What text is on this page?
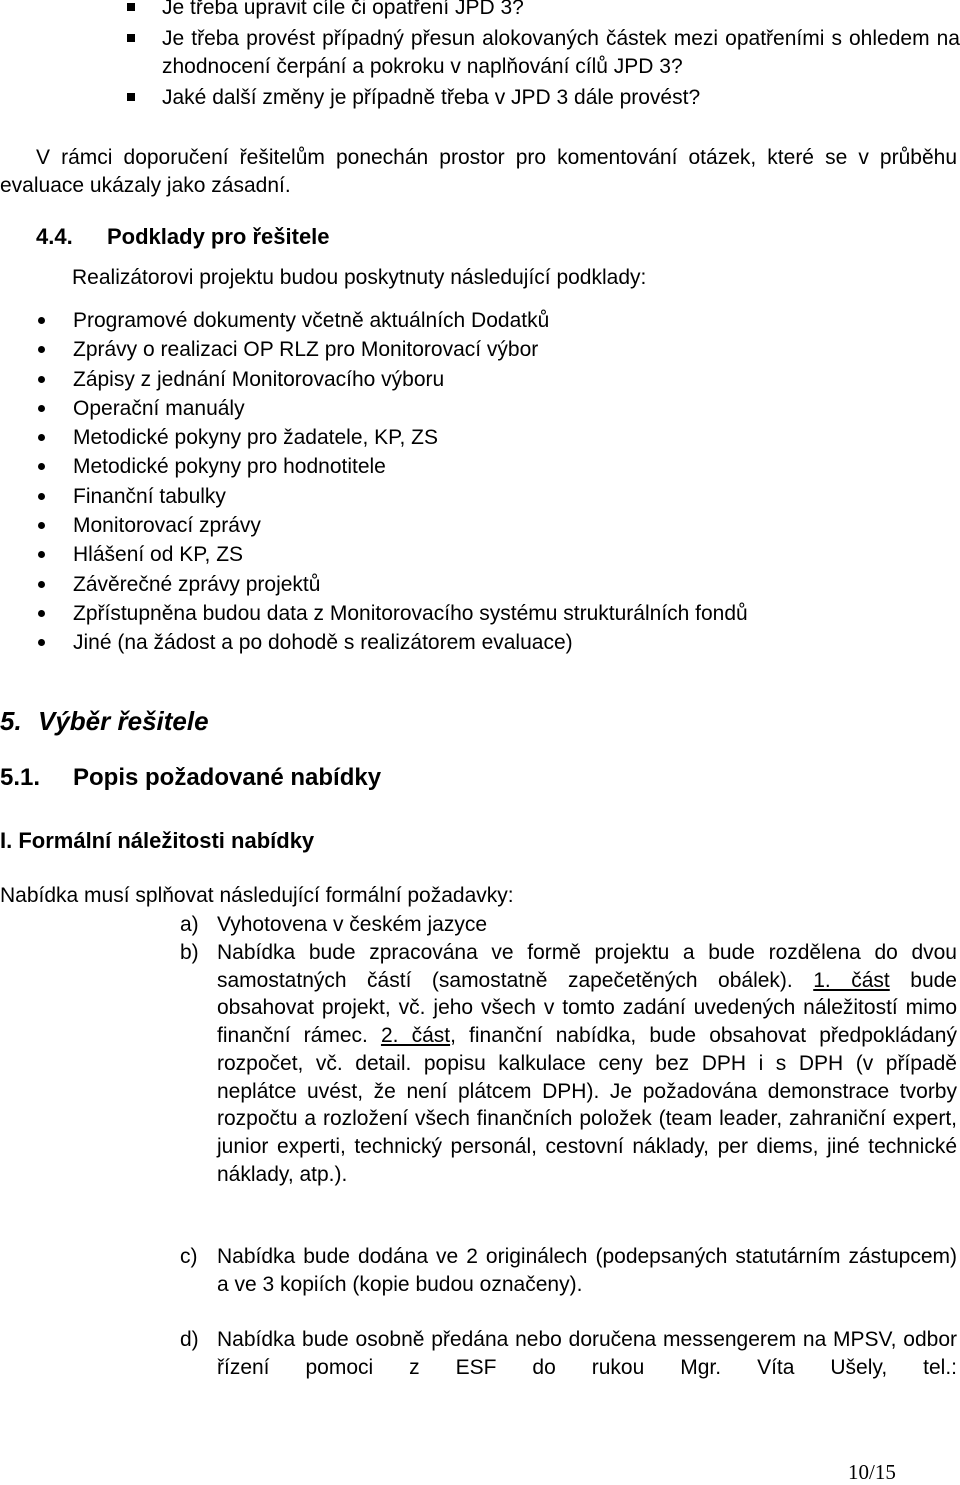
Je třeba upravit cíle či opatření JPD 3?
Je třeba provést případný přesun alokovaných částek mezi opatřeními s ohledem na zhodnocení čerpání a pokroku v naplňování cílů JPD 3?
Jaké další změny je případně třeba v JPD 3 dále provést?

V rámci doporučení řešitelům ponechán prostor pro komentování otázek, které se v průběhu evaluace ukázaly jako zásadní.

4.4. Podklady pro řešitele

Realizátorovi projektu budou poskytnuty následující podklady:

Programové dokumenty včetně aktuálních Dodatků
Zprávy o realizaci OP RLZ pro Monitorovací výbor
Zápisy z jednání Monitorovacího výboru
Operační manuály
Metodické pokyny pro žadatele, KP, ZS
Metodické pokyny pro hodnotitele
Finanční tabulky
Monitorovací zprávy
Hlášení od KP, ZS
Závěrečné zprávy projektů
Zpřístupněna budou data z Monitorovacího systému strukturálních fondů
Jiné (na žádost a po dohodě s realizátorem evaluace)
5. Výběr řešitele
5.1. Popis požadované nabídky
I. Formální náležitosti nabídky

Nabídka musí splňovat následující formální požadavky:

a) Vyhotovena v českém jazyce
b) Nabídka bude zpracována ve formě projektu a bude rozdělena do dvou samostatných částí (samostatně zapečetěných obálek). 1. část bude obsahovat projekt, vč. jeho všech v tomto zadání uvedených náležitostí mimo finanční rámec. 2. část, finanční nabídka, bude obsahovat předpokládaný rozpočet, vč. detail. popisu kalkulace ceny bez DPH i s DPH (v případě neplátce uvést, že není plátcem DPH). Je požadována demonstrace tvorby rozpočtu a rozložení všech finančních položek (team leader, zahraniční expert, junior experti, technický personál, cestovní náklady, per diems, jiné technické náklady, atp.).
c) Nabídka bude dodána ve 2 originálech (podepsaných statutárním zástupcem) a ve 3 kopiích (kopie budou označeny).
d) Nabídka bude osobně předána nebo doručena messengerem na MPSV, odbor řízení pomoci z ESF do rukou Mgr. Víta Ušely, tel.:
10/15
